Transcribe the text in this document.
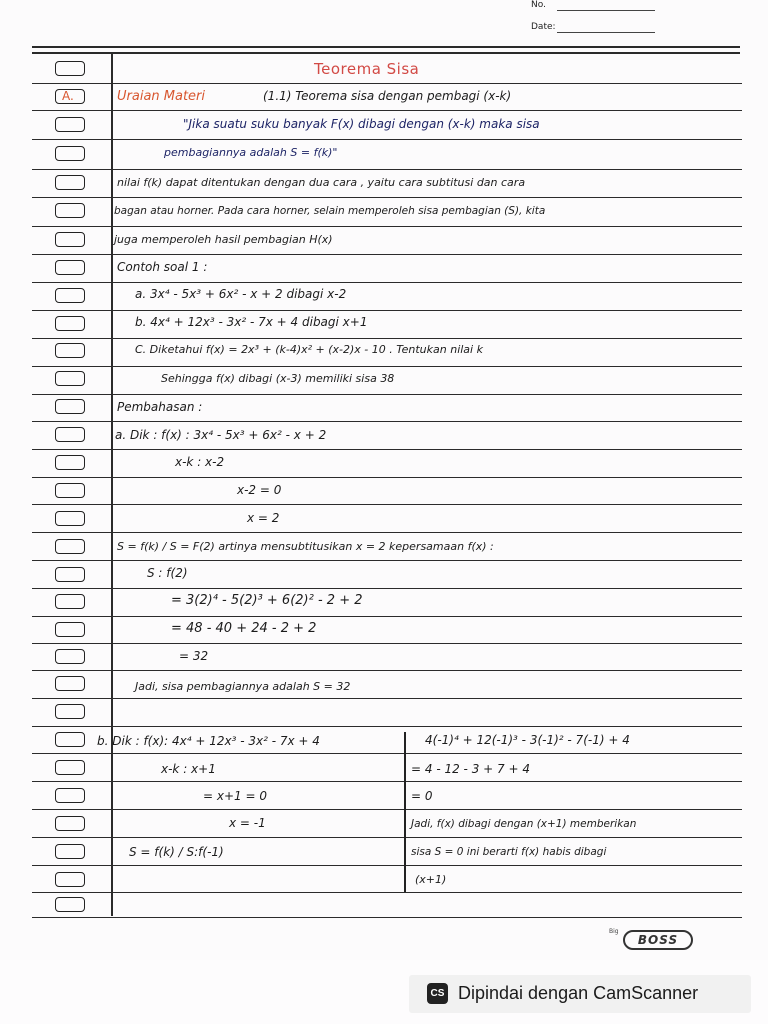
No.
Date:
Teorema Sisa
A.	Uraian Materi	(1.1) Teorema sisa dengan pembagi (x-k)
"Jika suatu suku banyak F(x) dibagi dengan (x-k) maka sisa
pembagiannya adalah S = f(k)"
nilai f(k) dapat ditentukan dengan dua cara , yaitu cara subtitusi dan cara
bagan atau horner. Pada cara horner, selain memperoleh sisa pembagian (S), kita
juga memperoleh hasil pembagian H(x)
Contoh soal 1 :
a. 3x⁴ - 5x³ + 6x² - x + 2 dibagi x-2
b. 4x⁴ + 12x³ - 3x² - 7x + 4 dibagi x+1
C. Diketahui f(x) = 2x³ + (k-4)x² + (x-2)x - 10 . Tentukan nilai k
Sehingga f(x) dibagi (x-3) memiliki sisa 38
Pembahasan :
a. Dik : f(x) : 3x⁴ - 5x³ + 6x² - x + 2
x-k : x-2
x-2 = 0
x = 2
S = f(k) / S = F(2) artinya mensubtitusikan x = 2 kepersamaan f(x) :
S : f(2)
= 3(2)⁴ - 5(2)³ + 6(2)² - 2 + 2
= 48 - 40 + 24 - 2 + 2
= 32
Jadi, sisa pembagiannya adalah S = 32
b. Dik : f(x): 4x⁴ + 12x³ - 3x² - 7x + 4
x-k : x+1
= x+1 = 0
x = -1
S = f(k) / S:f(-1)
4(-1)⁴ + 12(-1)³ - 3(-1)² - 7(-1) + 4
= 4 - 12 - 3 + 7 + 4
= 0
Jadi, f(x) dibagi dengan (x+1) memberikan
sisa S = 0 ini berarti f(x) habis dibagi
(x+1)
Big
BOSS
CS Dipindai dengan CamScanner
